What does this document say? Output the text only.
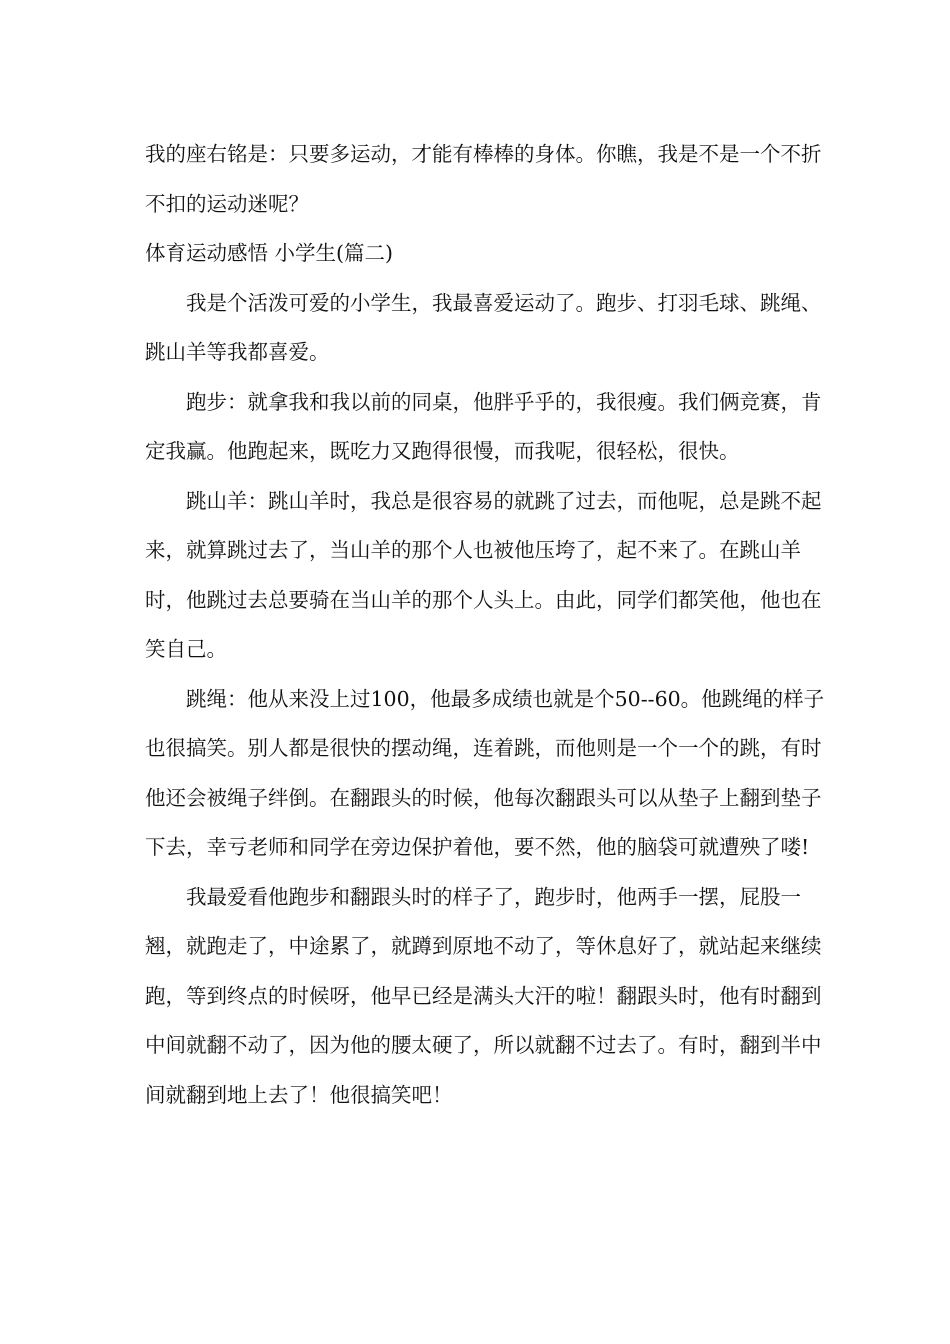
我的座右铭是：只要多运动，才能有棒棒的身体。你瞧，我是不是一个不折不扣的运动迷呢？

体育运动感悟 小学生(篇二)

我是个活泼可爱的小学生，我最喜爱运动了。跑步、打羽毛球、跳绳、跳山羊等我都喜爱。

跑步：就拿我和我以前的同桌，他胖乎乎的，我很瘦。我们俩竞赛，肯定我赢。他跑起来，既吃力又跑得很慢，而我呢，很轻松，很快。

跳山羊：跳山羊时，我总是很容易的就跳了过去，而他呢，总是跳不起来，就算跳过去了，当山羊的那个人也被他压垮了，起不来了。在跳山羊时，他跳过去总要骑在当山羊的那个人头上。由此，同学们都笑他，他也在笑自己。

跳绳：他从来没上过100，他最多成绩也就是个50--60。他跳绳的样子也很搞笑。别人都是很快的摆动绳，连着跳，而他则是一个一个的跳，有时他还会被绳子绊倒。在翻跟头的时候，他每次翻跟头可以从垫子上翻到垫子下去，幸亏老师和同学在旁边保护着他，要不然，他的脑袋可就遭殃了喽!

我最爱看他跑步和翻跟头时的样子了，跑步时，他两手一摆，屁股一翘，就跑走了，中途累了，就蹲到原地不动了，等休息好了，就站起来继续跑，等到终点的时候呀，他早已经是满头大汗的啦！翻跟头时，他有时翻到中间就翻不动了，因为他的腰太硬了，所以就翻不过去了。有时，翻到半中间就翻到地上去了！他很搞笑吧！
